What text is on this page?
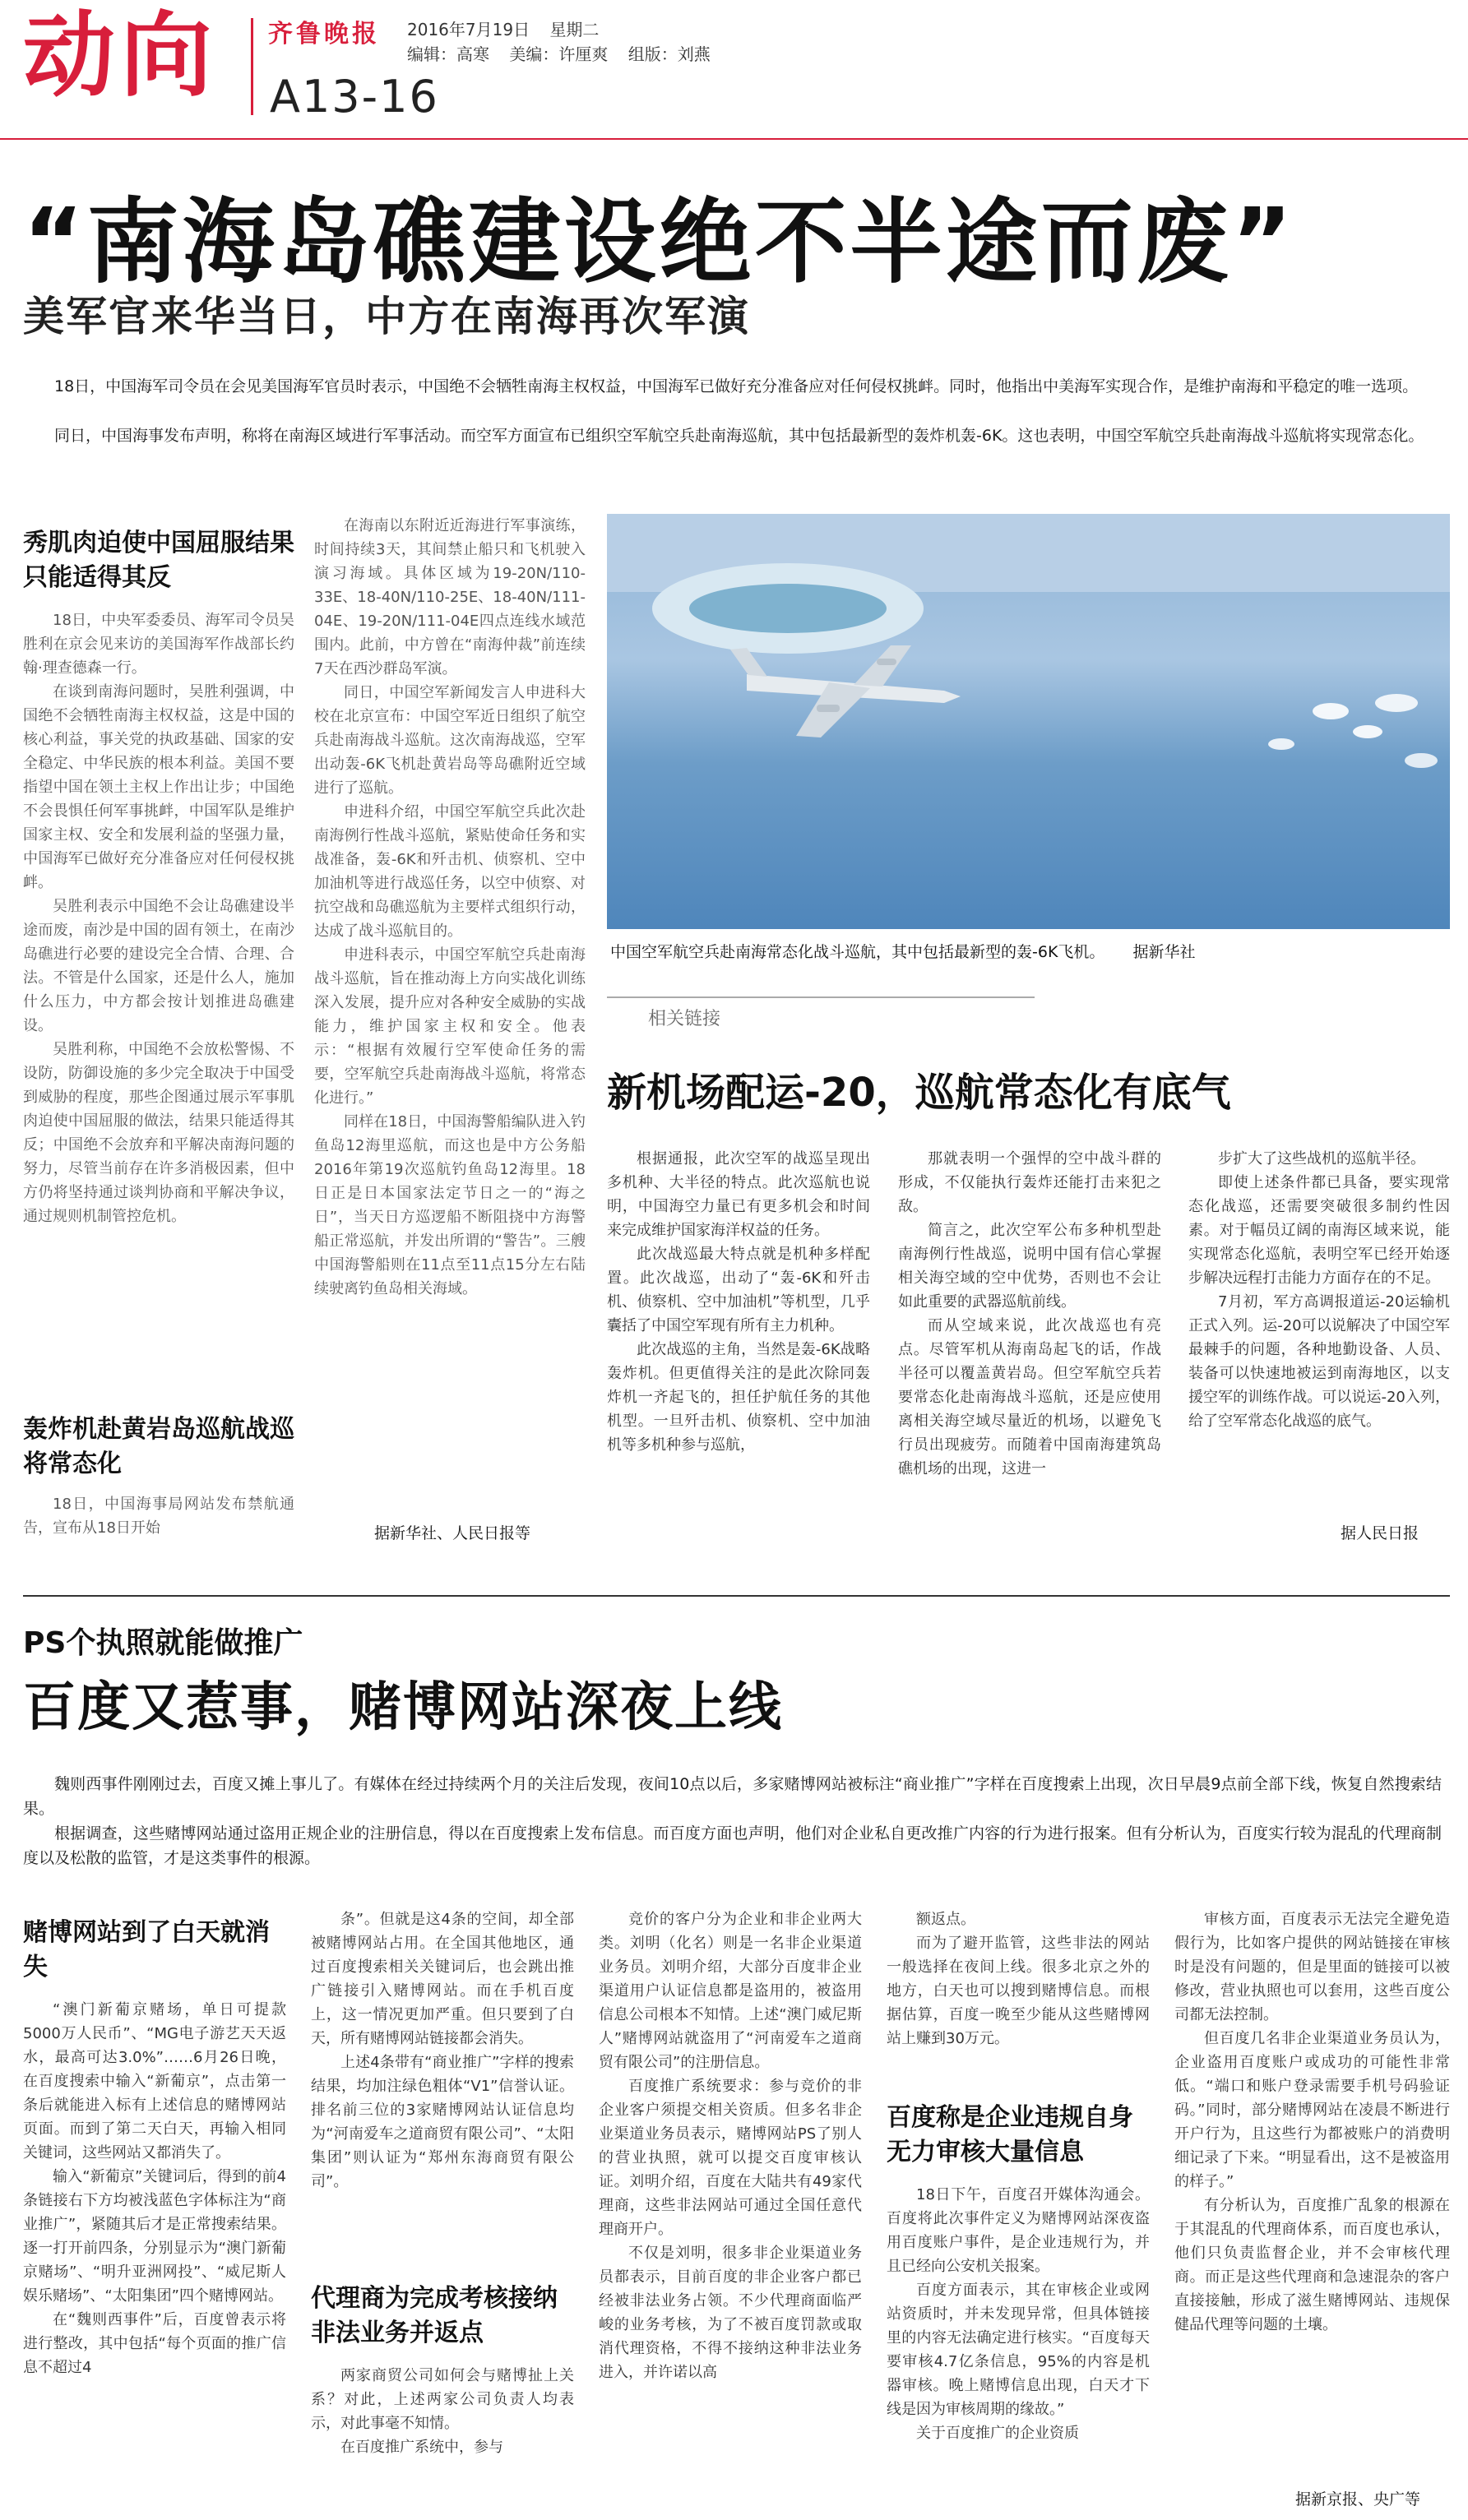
动向 齐鲁晚报
A13-16
2016年7月19日 星期二
编辑：高寒 美编：许厘爽 组版：刘燕
“南海岛礁建设绝不半途而废”
美军官来华当日，中方在南海再次军演
18日，中国海军司令员在会见美国海军官员时表示，中国绝不会牺牲南海主权权益，中国海军已做好充分准备应对任何侵权挑衅。同时，他指出中美海军实现合作，是维护南海和平稳定的唯一选项。
同日，中国海事发布声明，称将在南海区域进行军事活动。而空军方面宣布已组织空军航空兵赴南海巡航，其中包括最新型的轰炸机轰-6K。这也表明，中国空军航空兵赴南海战斗巡航将实现常态化。
秀肌肉迫使中国屈服结果只能适得其反

18日，中央军委委员、海军司令员吴胜利在京会见来访的美国海军作战部长约翰·理查德森一行。

在谈到南海问题时，吴胜利强调，中国绝不会牺牲南海主权权益，这是中国的核心利益，事关党的执政基础、国家的安全稳定、中华民族的根本利益。美国不要指望中国在领土主权上作出让步；中国绝不会畏惧任何军事挑衅，中国军队是维护国家主权、安全和发展利益的坚强力量，中国海军已做好充分准备应对任何侵权挑衅。

吴胜利表示中国绝不会让岛礁建设半途而废，南沙是中国的固有领土，在南沙岛礁进行必要的建设完全合情、合理、合法。不管是什么国家，还是什么人，施加什么压力，中方都会按计划推进岛礁建设。

吴胜利称，中国绝不会放松警惕、不设防，防御设施的多少完全取决于中国受到威胁的程度，那些企图通过展示军事肌肉迫使中国屈服的做法，结果只能适得其反；中国绝不会放弃和平解决南海问题的努力，尽管当前存在许多消极因素，但中方仍将坚持通过谈判协商和平解决争议，通过规则机制管控危机。

轰炸机赴黄岩岛巡航战巡将常态化

18日，中国海事局网站发布禁航通告，宣布从18日开始

在海南以东附近近海进行军事演练，时间持续3天，其间禁止船只和飞机驶入演习海域。具体区域为19-20N/110-33E、18-40N/110-25E、18-40N/111-04E、19-20N/111-04E四点连线水域范围内。此前，中方曾在“南海仲裁”前连续7天在西沙群岛军演。

同日，中国空军新闻发言人申进科大校在北京宣布：中国空军近日组织了航空兵赴南海战斗巡航。这次南海战巡，空军出动轰-6K飞机赴黄岩岛等岛礁附近空域进行了巡航。

申进科介绍，中国空军航空兵此次赴南海例行性战斗巡航，紧贴使命任务和实战准备，轰-6K和歼击机、侦察机、空中加油机等进行战巡任务，以空中侦察、对抗空战和岛礁巡航为主要样式组织行动，达成了战斗巡航目的。

申进科表示，中国空军航空兵赴南海战斗巡航，旨在推动海上方向实战化训练深入发展，提升应对各种安全威胁的实战能力，维护国家主权和安全。他表示：“根据有效履行空军使命任务的需要，空军航空兵赴南海战斗巡航，将常态化进行。”

同样在18日，中国海警船编队进入钓鱼岛12海里巡航，而这也是中方公务船2016年第19次巡航钓鱼岛12海里。18日正是日本国家法定节日之一的“海之日”，当天日方巡逻船不断阻挠中方海警船正常巡航，并发出所谓的“警告”。三艘中国海警船则在11点至11点15分左右陆续驶离钓鱼岛相关海域。

据新华社、人民日报等
中国空军航空兵赴南海常态化战斗巡航，其中包括最新型的轰-6K飞机。 据新华社
相关链接
新机场配运-20，巡航常态化有底气

根据通报，此次空军的战巡呈现出多机种、大半径的特点。此次巡航也说明，中国海空力量已有更多机会和时间来完成维护国家海洋权益的任务。

此次战巡最大特点就是机种多样配置。此次战巡，出动了“轰-6K和歼击机、侦察机、空中加油机”等机型，几乎囊括了中国空军现有所有主力机种。

此次战巡的主角，当然是轰-6K战略轰炸机。但更值得关注的是此次除同轰炸机一齐起飞的，担任护航任务的其他机型。一旦歼击机、侦察机、空中加油机等多机种参与巡航，

那就表明一个强悍的空中战斗群的形成，不仅能执行轰炸还能打击来犯之敌。

简言之，此次空军公布多种机型赴南海例行性战巡，说明中国有信心掌握相关海空域的空中优势，否则也不会让如此重要的武器巡航前线。

而从空域来说，此次战巡也有亮点。尽管军机从海南岛起飞的话，作战半径可以覆盖黄岩岛。但空军航空兵若要常态化赴南海战斗巡航，还是应使用离相关海空域尽量近的机场，以避免飞行员出现疲劳。而随着中国南海建筑岛礁机场的出现，这进一

步扩大了这些战机的巡航半径。

即使上述条件都已具备，要实现常态化战巡，还需要突破很多制约性因素。对于幅员辽阔的南海区域来说，能实现常态化巡航，表明空军已经开始逐步解决远程打击能力方面存在的不足。

7月初，军方高调报道运-20运输机正式入列。运-20可以说解决了中国空军最棘手的问题，各种地勤设备、人员、装备可以快速地被运到南海地区，以支援空军的训练作战。可以说运-20入列，给了空军常态化战巡的底气。

据人民日报
PS个执照就能做推广
百度又惹事，赌博网站深夜上线
魏则西事件刚刚过去，百度又摊上事儿了。有媒体在经过持续两个月的关注后发现，夜间10点以后，多家赌博网站被标注“商业推广”字样在百度搜索上出现，次日早晨9点前全部下线，恢复自然搜索结果。
根据调查，这些赌博网站通过盗用正规企业的注册信息，得以在百度搜索上发布信息。而百度方面也声明，他们对企业私自更改推广内容的行为进行报案。但有分析认为，百度实行较为混乱的代理商制度以及松散的监管，才是这类事件的根源。
赌博网站到了白天就消失

“澳门新葡京赌场，单日可提款5000万人民币”、“MG电子游艺天天返水，最高可达3.0%”……6月26日晚，在百度搜索中输入“新葡京”，点击第一条后就能进入标有上述信息的赌博网站页面。而到了第二天白天，再输入相同关键词，这些网站又都消失了。

输入“新葡京”关键词后，得到的前4条链接右下方均被浅蓝色字体标注为“商业推广”，紧随其后才是正常搜索结果。逐一打开前四条，分别显示为“澳门新葡京赌场”、“明升亚洲网投”、“威尼斯人娱乐赌场”、“太阳集团”四个赌博网站。

在“魏则西事件”后，百度曾表示将进行整改，其中包括“每个页面的推广信息不超过4

条”。但就是这4条的空间，却全部被赌博网站占用。在全国其他地区，通过百度搜索相关关键词后，也会跳出推广链接引入赌博网站。而在手机百度上，这一情况更加严重。但只要到了白天，所有赌博网站链接都会消失。

上述4条带有“商业推广”字样的搜索结果，均加注绿色粗体“V1”信誉认证。排名前三位的3家赌博网站认证信息均为“河南爱车之道商贸有限公司”、“太阳集团”则认证为“郑州东海商贸有限公司”。

代理商为完成考核接纳非法业务并返点

两家商贸公司如何会与赌博扯上关系？对此，上述两家公司负责人均表示，对此事毫不知情。

在百度推广系统中，参与

竞价的客户分为企业和非企业两大类。刘明（化名）则是一名非企业渠道业务员。刘明介绍，大部分百度非企业渠道用户认证信息都是盗用的，被盗用信息公司根本不知情。上述“澳门威尼斯人”赌博网站就盗用了“河南爱车之道商贸有限公司”的注册信息。

百度推广系统要求：参与竞价的非企业客户须提交相关资质。但多名非企业渠道业务员表示，赌博网站PS了别人的营业执照，就可以提交百度审核认证。刘明介绍，百度在大陆共有49家代理商，这些非法网站可通过全国任意代理商开户。

不仅是刘明，很多非企业渠道业务员都表示，目前百度的非企业客户都已经被非法业务占领。不少代理商面临严峻的业务考核，为了不被百度罚款或取消代理资格，不得不接纳这种非法业务进入，并许诺以高

额返点。

而为了避开监管，这些非法的网站一般选择在夜间上线。很多北京之外的地方，白天也可以搜到赌博信息。而根据估算，百度一晚至少能从这些赌博网站上赚到30万元。

百度称是企业违规自身无力审核大量信息

18日下午，百度召开媒体沟通会。百度将此次事件定义为赌博网站深夜盗用百度账户事件，是企业违规行为，并且已经向公安机关报案。

百度方面表示，其在审核企业或网站资质时，并未发现异常，但具体链接里的内容无法确定进行核实。“百度每天要审核4.7亿条信息，95%的内容是机器审核。晚上赌博信息出现，白天才下线是因为审核周期的缘故。”

关于百度推广的企业资质

审核方面，百度表示无法完全避免造假行为，比如客户提供的网站链接在审核时是没有问题的，但是里面的链接可以被修改，营业执照也可以套用，这些百度公司都无法控制。

但百度几名非企业渠道业务员认为，企业盗用百度账户或成功的可能性非常低。“端口和账户登录需要手机号码验证码。”同时，部分赌博网站在凌晨不断进行开户行为，且这些行为都被账户的消费明细记录了下来。“明显看出，这不是被盗用的样子。”

有分析认为，百度推广乱象的根源在于其混乱的代理商体系，而百度也承认，他们只负责监督企业，并不会审核代理商。而正是这些代理商和急速混杂的客户直接接触，形成了滋生赌博网站、违规保健品代理等问题的土壤。

据新京报、央广等
